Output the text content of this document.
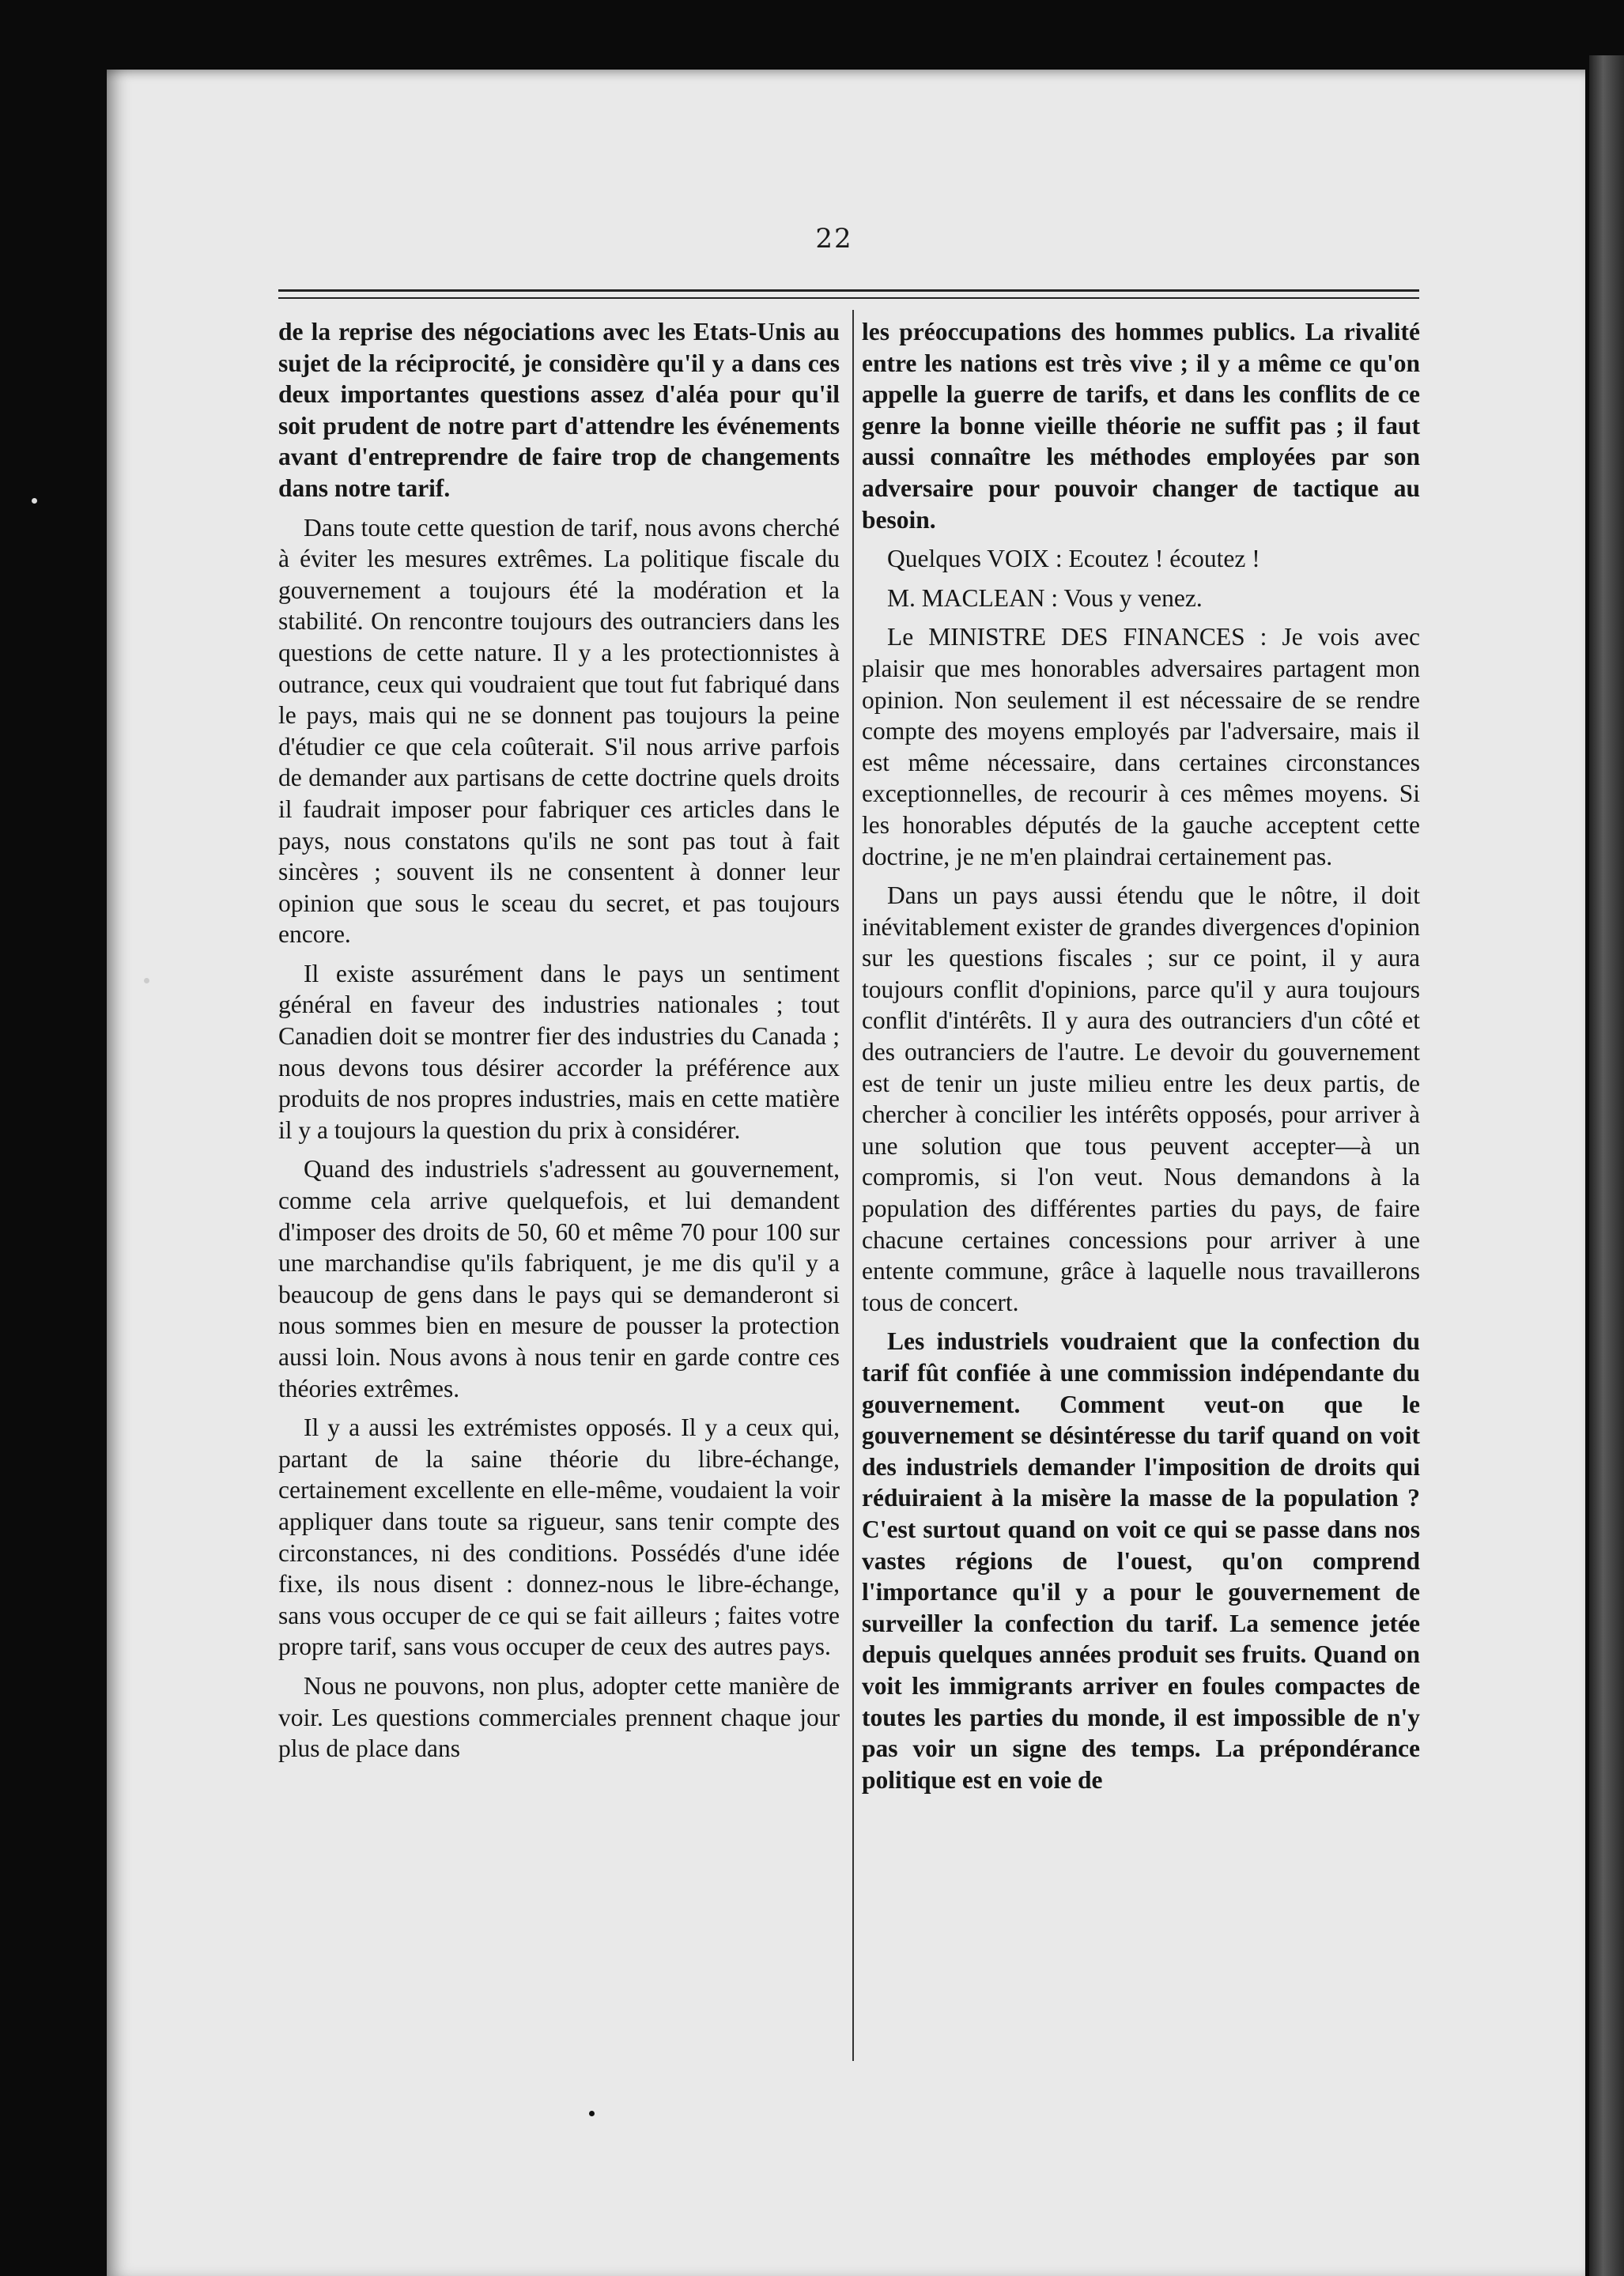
22

de la reprise des négociations avec les Etats-Unis au sujet de la réciprocité, je considère qu'il y a dans ces deux importantes questions assez d'aléa pour qu'il soit prudent de notre part d'attendre les événements avant d'entreprendre de faire trop de changements dans notre tarif.

Dans toute cette question de tarif, nous avons cherché à éviter les mesures extrêmes. La politique fiscale du gouvernement a toujours été la modération et la stabilité. On rencontre toujours des outranciers dans les questions de cette nature. Il y a les protectionnistes à outrance, ceux qui voudraient que tout fut fabriqué dans le pays, mais qui ne se donnent pas toujours la peine d'étudier ce que cela coûterait. S'il nous arrive parfois de demander aux partisans de cette doctrine quels droits il faudrait imposer pour fabriquer ces articles dans le pays, nous constatons qu'ils ne sont pas tout à fait sincères ; souvent ils ne consentent à donner leur opinion que sous le sceau du secret, et pas toujours encore.

Il existe assurément dans le pays un sentiment général en faveur des industries nationales ; tout Canadien doit se montrer fier des industries du Canada ; nous devons tous désirer accorder la préférence aux produits de nos propres industries, mais en cette matière il y a toujours la question du prix à considérer.

Quand des industriels s'adressent au gouvernement, comme cela arrive quelquefois, et lui demandent d'imposer des droits de 50, 60 et même 70 pour 100 sur une marchandise qu'ils fabriquent, je me dis qu'il y a beaucoup de gens dans le pays qui se demanderont si nous sommes bien en mesure de pousser la protection aussi loin. Nous avons à nous tenir en garde contre ces théories extrêmes.

Il y a aussi les extrémistes opposés. Il y a ceux qui, partant de la saine théorie du libre-échange, certainement excellente en elle-même, voudaient la voir appliquer dans toute sa rigueur, sans tenir compte des circonstances, ni des conditions. Possédés d'une idée fixe, ils nous disent : donnez-nous le libre-échange, sans vous occuper de ce qui se fait ailleurs ; faites votre propre tarif, sans vous occuper de ceux des autres pays.

Nous ne pouvons, non plus, adopter cette manière de voir. Les questions commerciales prennent chaque jour plus de place dans

les préoccupations des hommes publics. La rivalité entre les nations est très vive ; il y a même ce qu'on appelle la guerre de tarifs, et dans les conflits de ce genre la bonne vieille théorie ne suffit pas ; il faut aussi connaître les méthodes employées par son adversaire pour pouvoir changer de tactique au besoin.

Quelques VOIX : Ecoutez ! écoutez !

M. MACLEAN : Vous y venez.

Le MINISTRE DES FINANCES : Je vois avec plaisir que mes honorables adversaires partagent mon opinion. Non seulement il est nécessaire de se rendre compte des moyens employés par l'adversaire, mais il est même nécessaire, dans certaines circonstances exceptionnelles, de recourir à ces mêmes moyens. Si les honorables députés de la gauche acceptent cette doctrine, je ne m'en plaindrai certainement pas.

Dans un pays aussi étendu que le nôtre, il doit inévitablement exister de grandes divergences d'opinion sur les questions fiscales ; sur ce point, il y aura toujours conflit d'opinions, parce qu'il y aura toujours conflit d'intérêts. Il y aura des outranciers d'un côté et des outranciers de l'autre. Le devoir du gouvernement est de tenir un juste milieu entre les deux partis, de chercher à concilier les intérêts opposés, pour arriver à une solution que tous peuvent accepter—à un compromis, si l'on veut. Nous demandons à la population des différentes parties du pays, de faire chacune certaines concessions pour arriver à une entente commune, grâce à laquelle nous travaillerons tous de concert.

Les industriels voudraient que la confection du tarif fût confiée à une commission indépendante du gouvernement. Comment veut-on que le gouvernement se désintéresse du tarif quand on voit des industriels demander l'imposition de droits qui réduiraient à la misère la masse de la population ? C'est surtout quand on voit ce qui se passe dans nos vastes régions de l'ouest, qu'on comprend l'importance qu'il y a pour le gouvernement de surveiller la confection du tarif. La semence jetée depuis quelques années produit ses fruits. Quand on voit les immigrants arriver en foules compactes de toutes les parties du monde, il est impossible de n'y pas voir un signe des temps. La prépondérance politique est en voie de
